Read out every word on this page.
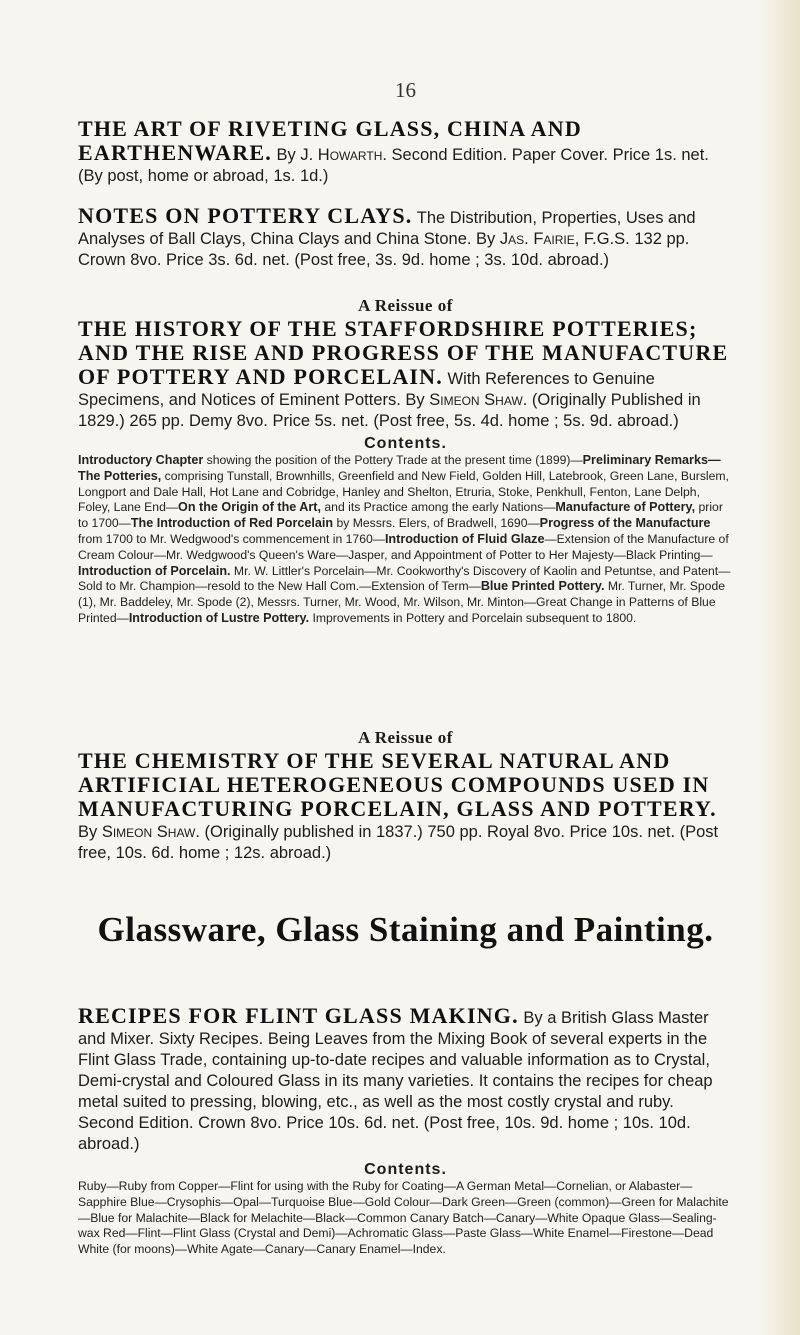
16
THE ART OF RIVETING GLASS, CHINA AND EARTHENWARE. By J. Howarth. Second Edition. Paper Cover. Price 1s. net. (By post, home or abroad, 1s. 1d.)
NOTES ON POTTERY CLAYS. The Distribution, Properties, Uses and Analyses of Ball Clays, China Clays and China Stone. By Jas. Fairie, F.G.S. 132 pp. Crown 8vo. Price 3s. 6d. net. (Post free, 3s. 9d. home ; 3s. 10d. abroad.)
A Reissue of
THE HISTORY OF THE STAFFORDSHIRE POTTERIES; AND THE RISE AND PROGRESS OF THE MANUFACTURE OF POTTERY AND PORCELAIN. With References to Genuine Specimens, and Notices of Eminent Potters. By Simeon Shaw. (Originally Published in 1829.) 265 pp. Demy 8vo. Price 5s. net. (Post free, 5s. 4d. home ; 5s. 9d. abroad.)
Contents.
Introductory Chapter showing the position of the Pottery Trade at the present time (1899)—Preliminary Remarks—The Potteries, comprising Tunstall, Brownhills, Greenfield and New Field, Golden Hill, Latebrook, Green Lane, Burslem, Longport and Dale Hall, Hot Lane and Cobridge, Hanley and Shelton, Etruria, Stoke, Penkhull, Fenton, Lane Delph, Foley, Lane End—On the Origin of the Art, and its Practice among the early Nations—Manufacture of Pottery, prior to 1700—The Introduction of Red Porcelain by Messrs. Elers, of Bradwell, 1690—Progress of the Manufacture from 1700 to Mr. Wedgwood's commencement in 1760—Introduction of Fluid Glaze—Extension of the Manufacture of Cream Colour—Mr. Wedgwood's Queen's Ware—Jasper, and Appointment of Potter to Her Majesty—Black Printing—Introduction of Porcelain. Mr. W. Littler's Porcelain—Mr. Cookworthy's Discovery of Kaolin and Petuntse, and Patent—Sold to Mr. Champion—resold to the New Hall Com.—Extension of Term—Blue Printed Pottery. Mr. Turner, Mr. Spode (1), Mr. Baddeley, Mr. Spode (2), Messrs. Turner, Mr. Wood, Mr. Wilson, Mr. Minton—Great Change in Patterns of Blue Printed—Introduction of Lustre Pottery. Improvements in Pottery and Porcelain subsequent to 1800.
A Reissue of
THE CHEMISTRY OF THE SEVERAL NATURAL AND ARTIFICIAL HETEROGENEOUS COMPOUNDS USED IN MANUFACTURING PORCELAIN, GLASS AND POTTERY. By Simeon Shaw. (Originally published in 1837.) 750 pp. Royal 8vo. Price 10s. net. (Post free, 10s. 6d. home ; 12s. abroad.)
Glassware, Glass Staining and Painting.
RECIPES FOR FLINT GLASS MAKING. By a British Glass Master and Mixer. Sixty Recipes. Being Leaves from the Mixing Book of several experts in the Flint Glass Trade, containing up-to-date recipes and valuable information as to Crystal, Demi-crystal and Coloured Glass in its many varieties. It contains the recipes for cheap metal suited to pressing, blowing, etc., as well as the most costly crystal and ruby. Second Edition. Crown 8vo. Price 10s. 6d. net. (Post free, 10s. 9d. home ; 10s. 10d. abroad.)
Contents.
Ruby—Ruby from Copper—Flint for using with the Ruby for Coating—A German Metal—Cornelian, or Alabaster—Sapphire Blue—Crysophis—Opal—Turquoise Blue—Gold Colour—Dark Green—Green (common)—Green for Malachite—Blue for Malachite—Black for Melachite—Black—Common Canary Batch—Canary—White Opaque Glass—Sealing-wax Red—Flint—Flint Glass (Crystal and Demi)—Achromatic Glass—Paste Glass—White Enamel—Firestone—Dead White (for moons)—White Agate—Canary—Canary Enamel—Index.
